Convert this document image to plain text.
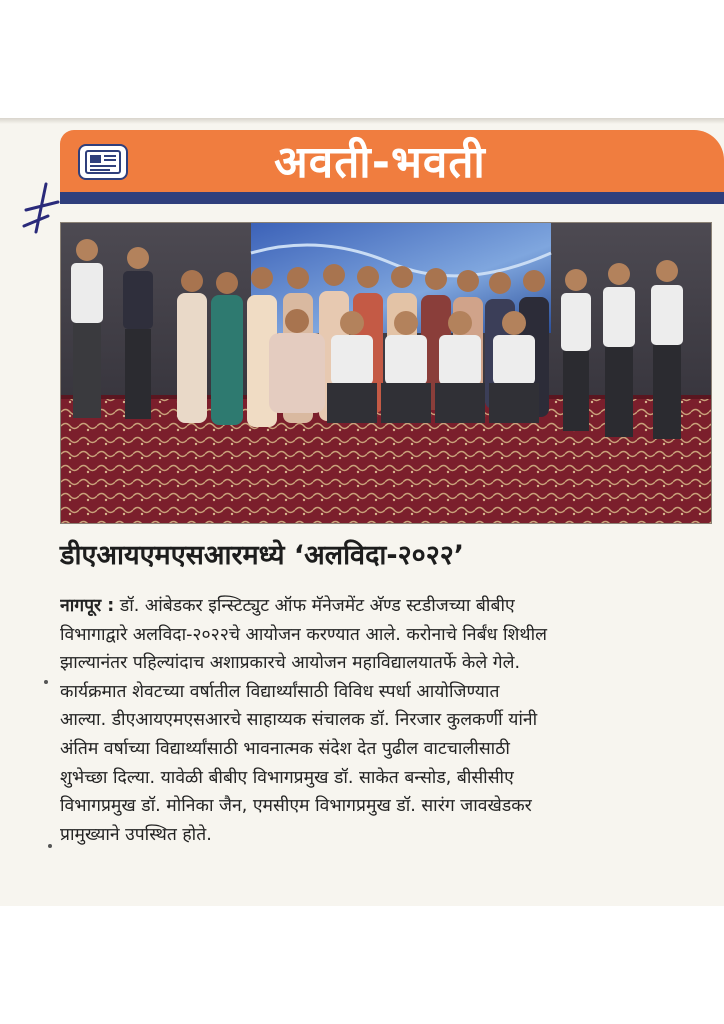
अवती-भवती
डीएआयएमएसआरमध्ये ‘अलविदा-२०२२’
नागपूर : डॉ. आंबेडकर इन्स्टिट्युट ऑफ मॅनेजमेंट अ‍ॅण्ड स्टडीजच्या बीबीए
विभागाद्वारे अलविदा-२०२२चे आयोजन करण्यात आले. करोनाचे निर्बंध शिथील
झाल्यानंतर पहिल्यांदाच अशाप्रकारचे आयोजन महाविद्यालयातर्फे केले गेले.
कार्यक्रमात शेवटच्या वर्षातील विद्यार्थ्यांसाठी विविध स्पर्धा आयोजिण्यात
आल्या. डीएआयएमएसआरचे साहाय्यक संचालक डॉ. निरजार कुलकर्णी यांनी
अंतिम वर्षाच्या विद्यार्थ्यांसाठी भावनात्मक संदेश देत पुढील वाटचालीसाठी
शुभेच्छा दिल्या. यावेळी बीबीए विभागप्रमुख डॉ. साकेत बन्सोड, बीसीसीए
विभागप्रमुख डॉ. मोनिका जैन, एमसीएम विभागप्रमुख डॉ. सारंग जावखेडकर
प्रामुख्याने उपस्थित होते.
